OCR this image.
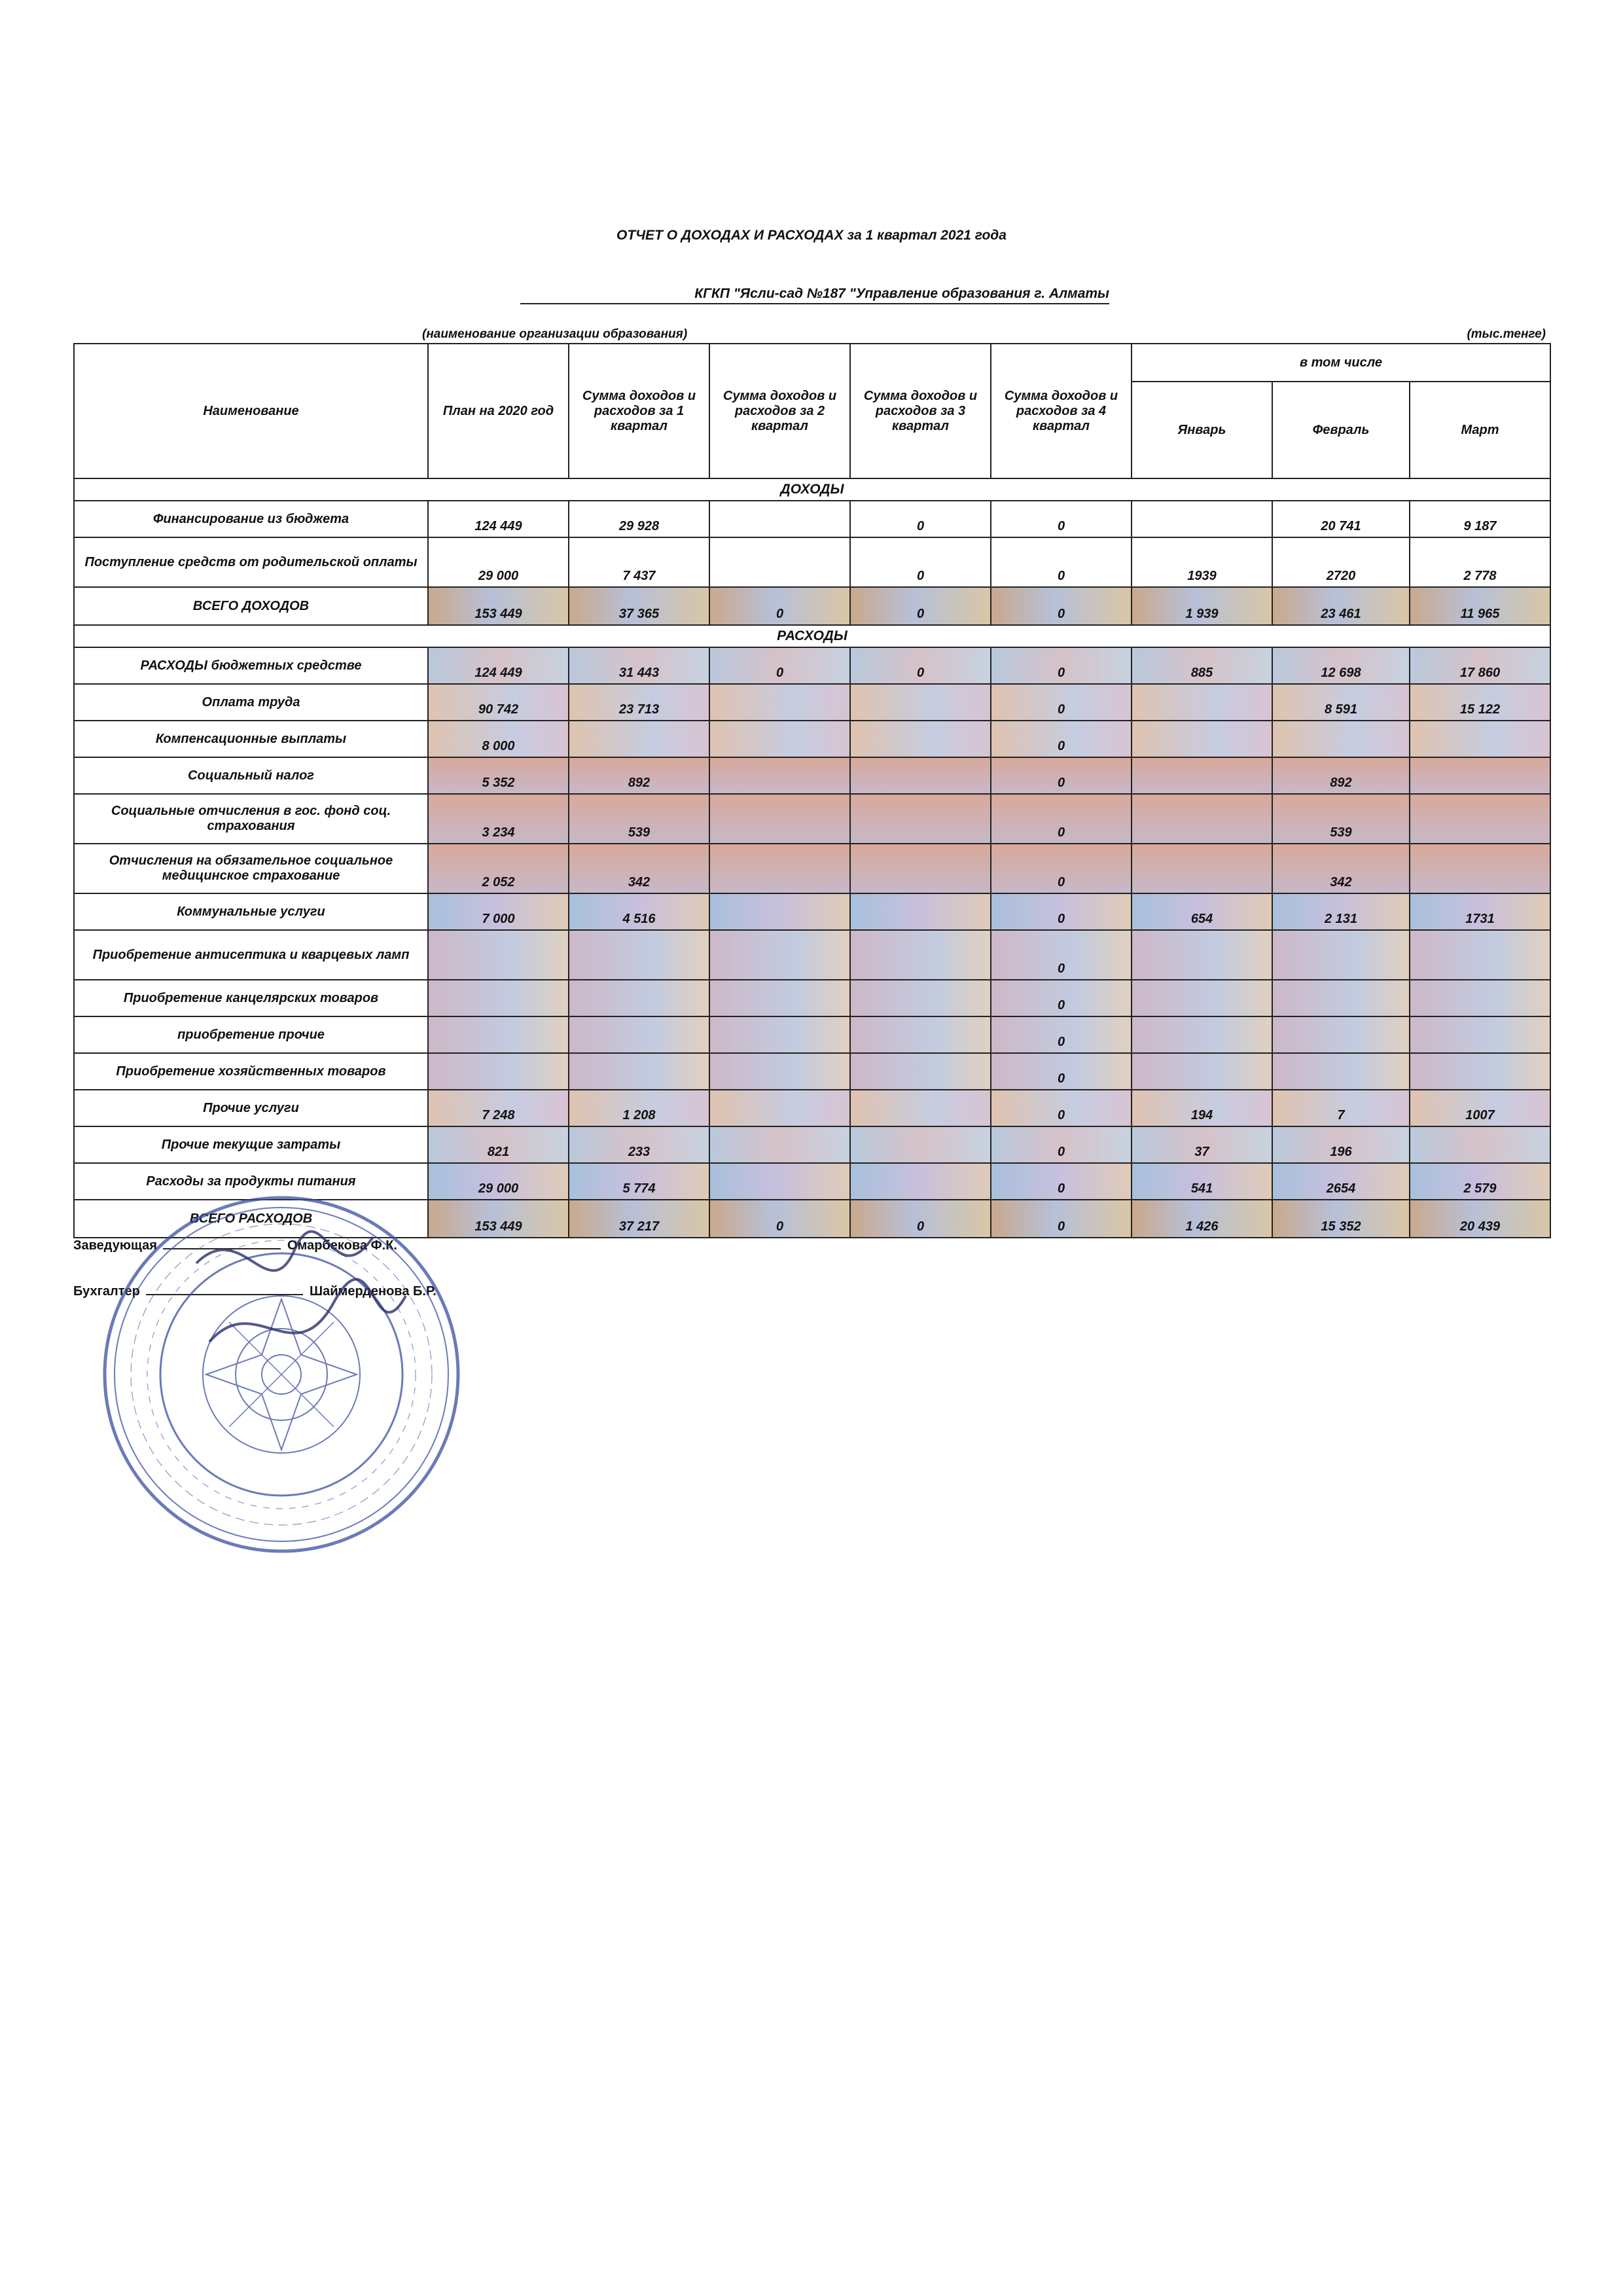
ОТЧЕТ О ДОХОДАХ И РАСХОДАХ за 1 квартал 2021 года
КГКП "Ясли-сад №187 "Управление образования г. Алматы
(наименование организации образования)	(тыс.тенге)
Наименование	План на 2020 год	Сумма доходов и расходов за 1 квартал	Сумма доходов и расходов за 2 квартал	Сумма доходов и расходов за 3 квартал	Сумма доходов и расходов за 4 квартал	в том числе		
						Январь	Февраль	Март
ДОХОДЫ								
Финансирование из бюджета	124 449	29 928		0	0		20 741	9 187
Поступление средств от родительской оплаты	29 000	7 437		0	0	1939	2720	2 778
ВСЕГО ДОХОДОВ	153 449	37 365	0	0	0	1 939	23 461	11 965
РАСХОДЫ								
РАСХОДЫ бюджетных средстве	124 449	31 443	0	0	0	885	12 698	17 860
Оплата труда	90 742	23 713			0		8 591	15 122
Компенсационные выплаты	8 000				0			
Социальный налог	5 352	892			0		892	
Социальные отчисления в гос. фонд соц. страхования	3 234	539			0		539	
Отчисления на обязательное социальное медицинское страхование	2 052	342			0		342	
Коммунальные услуги	7 000	4 516			0	654	2 131	1731
Приобретение антисептика и кварцевых ламп					0			
Приобретение канцелярских товаров					0			
приобретение прочие					0			
Приобретение хозяйственных товаров					0			
Прочие услуги	7 248	1 208			0	194	7	1007
Прочие текущие затраты	821	233			0	37	196	
Расходы за продукты питания	29 000	5 774			0	541	2654	2 579
ВСЕГО РАСХОДОВ	153 449	37 217	0	0	0	1 426	15 352	20 439
Заведующая	Омарбекова Ф.К.
Бухгалтер	Шаймерденова Б.Р.
